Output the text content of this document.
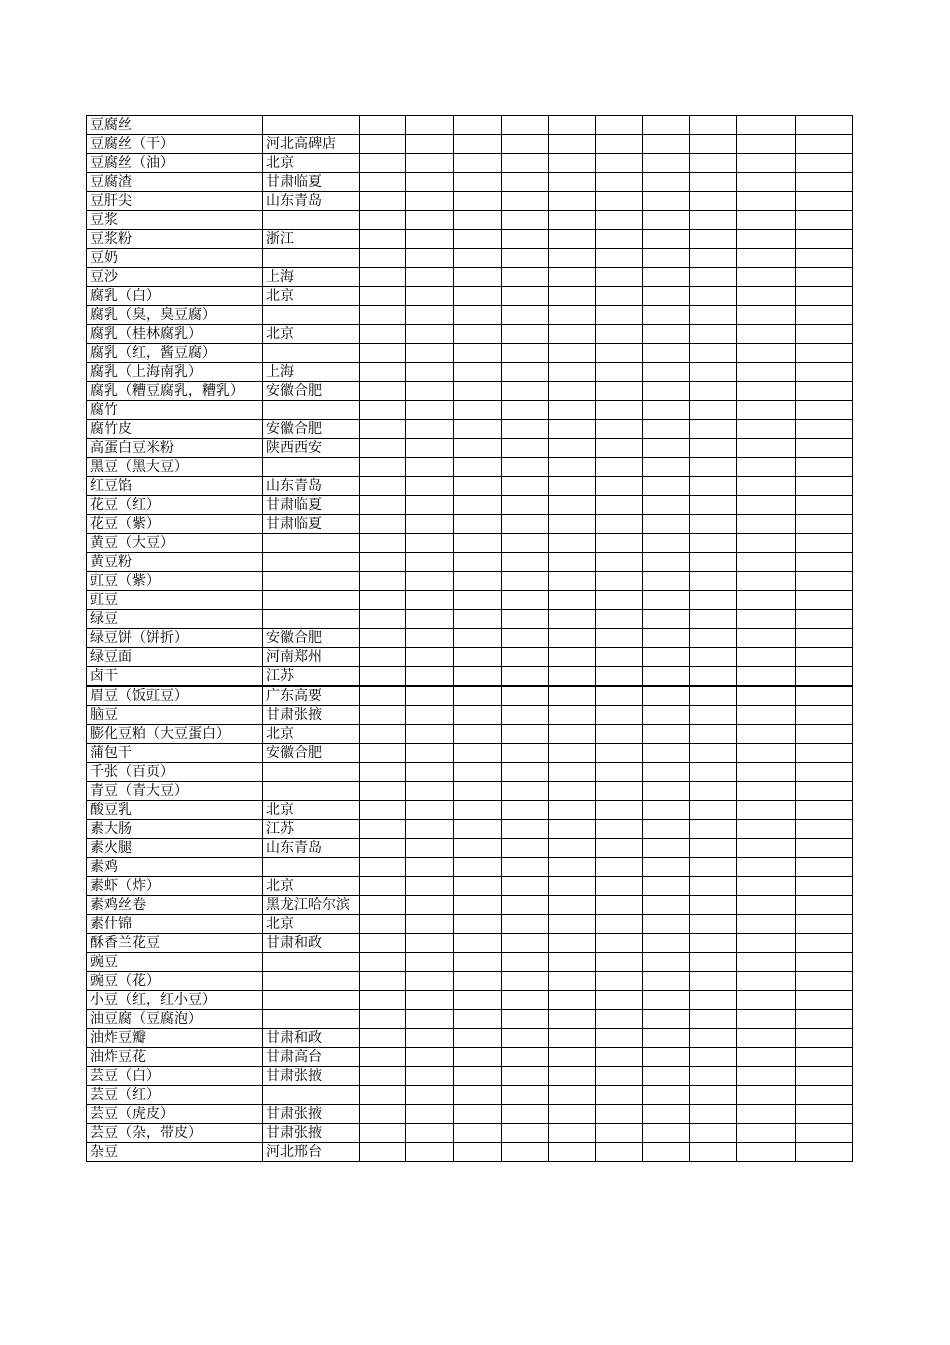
豆腐丝											
豆腐丝（干）	河北高碑店										
豆腐丝（油）	北京										
豆腐渣	甘肃临夏										
豆肝尖	山东青岛										
豆浆											
豆浆粉	浙江										
豆奶											
豆沙	上海										
腐乳（白）	北京										
腐乳（臭，臭豆腐）											
腐乳（桂林腐乳）	北京										
腐乳（红，酱豆腐）											
腐乳（上海南乳）	上海										
腐乳（糟豆腐乳，糟乳）	安徽合肥										
腐竹											
腐竹皮	安徽合肥										
高蛋白豆米粉	陕西西安										
黑豆（黑大豆）											
红豆馅	山东青岛										
花豆（红）	甘肃临夏										
花豆（紫）	甘肃临夏										
黄豆（大豆）											
黄豆粉											
豇豆（紫）											
豇豆											
绿豆											
绿豆饼（饼折）	安徽合肥										
绿豆面	河南郑州										
卤干	江苏										
眉豆（饭豇豆）	广东高要										
脑豆	甘肃张掖										
膨化豆粕（大豆蛋白）	北京										
蒲包干	安徽合肥										
千张（百页）											
青豆（青大豆）											
酸豆乳	北京										
素大肠	江苏										
素火腿	山东青岛										
素鸡											
素虾（炸）	北京										
素鸡丝卷	黑龙江哈尔滨										
素什锦	北京										
酥香兰花豆	甘肃和政										
豌豆											
豌豆（花）											
小豆（红，红小豆）											
油豆腐（豆腐泡）											
油炸豆瓣	甘肃和政										
油炸豆花	甘肃高台										
芸豆（白）	甘肃张掖										
芸豆（红）											
芸豆（虎皮）	甘肃张掖										
芸豆（杂，带皮）	甘肃张掖										
杂豆	河北邢台										
